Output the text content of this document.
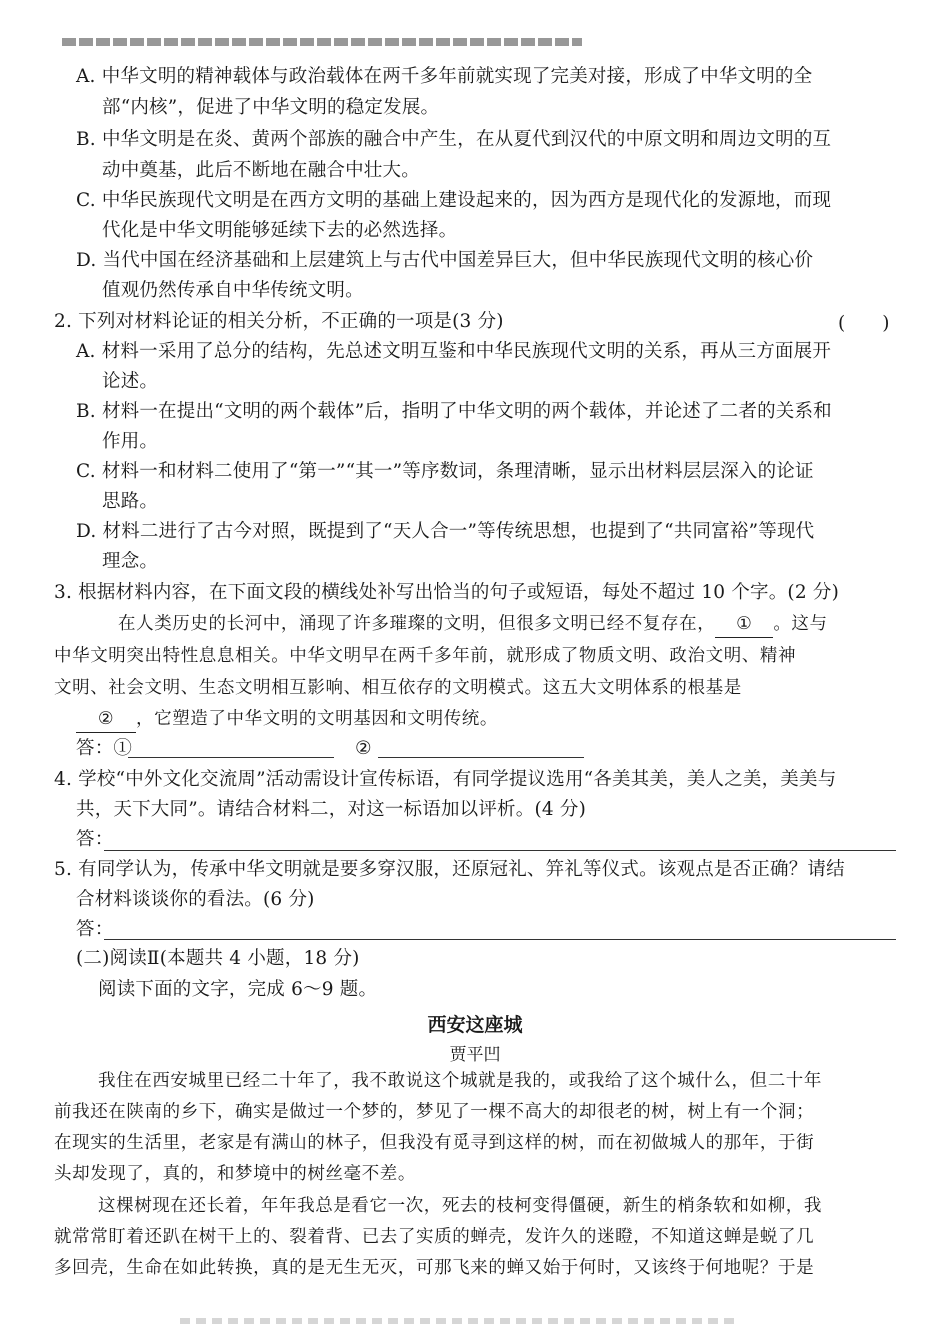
A. 中华文明的精神载体与政治载体在两千多年前就实现了完美对接，形成了中华文明的全
部“内核”，促进了中华文明的稳定发展。
B. 中华文明是在炎、黄两个部族的融合中产生，在从夏代到汉代的中原文明和周边文明的互
动中奠基，此后不断地在融合中壮大。
C. 中华民族现代文明是在西方文明的基础上建设起来的，因为西方是现代化的发源地，而现
代化是中华文明能够延续下去的必然选择。
D. 当代中国在经济基础和上层建筑上与古代中国差异巨大，但中华民族现代文明的核心价
值观仍然传承自中华传统文明。
2. 下列对材料论证的相关分析，不正确的一项是(3 分)	(　　)
A. 材料一采用了总分的结构，先总述文明互鉴和中华民族现代文明的关系，再从三方面展开
论述。
B. 材料一在提出“文明的两个载体”后，指明了中华文明的两个载体，并论述了二者的关系和
作用。
C. 材料一和材料二使用了“第一”“其一”等序数词，条理清晰，显示出材料层层深入的论证
思路。
D. 材料二进行了古今对照，既提到了“天人合一”等传统思想，也提到了“共同富裕”等现代
理念。
3. 根据材料内容，在下面文段的横线处补写出恰当的句子或短语，每处不超过 10 个字。(2 分)
在人类历史的长河中，涌现了许多璀璨的文明，但很多文明已经不复存在， ① 。这与
中华文明突出特性息息相关。中华文明早在两千多年前，就形成了物质文明、政治文明、精神
文明、社会文明、生态文明相互影响、相互依存的文明模式。这五大文明体系的根基是
② ，它塑造了中华文明的文明基因和文明传统。
答：①	②
4. 学校“中外文化交流周”活动需设计宣传标语，有同学提议选用“各美其美，美人之美，美美与
共，天下大同”。请结合材料二，对这一标语加以评析。(4 分)
答：
5. 有同学认为，传承中华文明就是要多穿汉服，还原冠礼、笄礼等仪式。该观点是否正确？请结
合材料谈谈你的看法。(6 分)
答：
(二)阅读Ⅱ(本题共 4 小题，18 分)
阅读下面的文字，完成 6～9 题。
西安这座城
贾平凹
我住在西安城里已经二十年了，我不敢说这个城就是我的，或我给了这个城什么，但二十年
前我还在陕南的乡下，确实是做过一个梦的，梦见了一棵不高大的却很老的树，树上有一个洞；
在现实的生活里，老家是有满山的林子，但我没有觅寻到这样的树，而在初做城人的那年，于街
头却发现了，真的，和梦境中的树丝毫不差。
这棵树现在还长着，年年我总是看它一次，死去的枝柯变得僵硬，新生的梢条软和如柳，我
就常常盯着还趴在树干上的、裂着背、已去了实质的蝉壳，发许久的迷瞪，不知道这蝉是蜕了几
多回壳，生命在如此转换，真的是无生无灭，可那飞来的蝉又始于何时，又该终于何地呢？于是
